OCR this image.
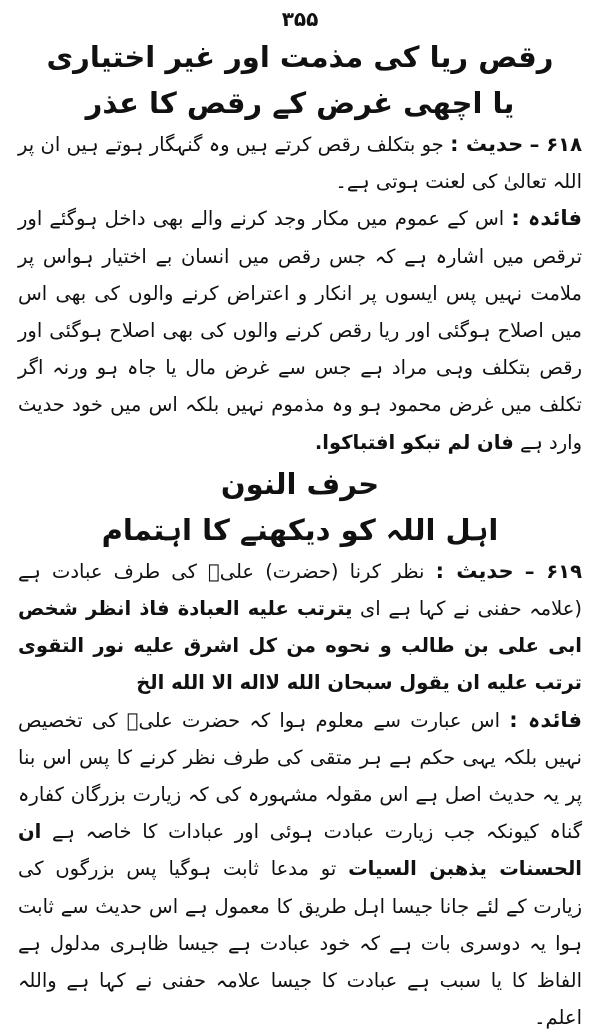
۳۵۵
رقص ریا کی مذمت اور غیر اختیاری
یا اچھی غرض کے رقص کا عذر

۶۱۸ – حدیث : جو بتکلف رقص کرتے ہیں وہ گنہگار ہوتے ہیں ان پر اللہ تعالیٰ کی لعنت ہوتی ہے۔

فائدہ : اس کے عموم میں مکار وجد کرنے والے بھی داخل ہوگئے اور ترقص میں اشارہ ہے کہ جس رقص میں انسان بے اختیار ہواس پر ملامت نہیں پس ایسوں پر انکار و اعتراض کرنے والوں کی بھی اس میں اصلاح ہوگئی اور ریا رقص کرنے والوں کی بھی اصلاح ہوگئی اور رقص بتکلف وہی مراد ہے جس سے غرض مال یا جاہ ہو ورنہ اگر تکلف میں غرض محمود ہو وہ مذموم نہیں بلکہ اس میں خود حدیث وارد ہے فان لم تبکو افتباکوا.

حرف النون
اہل اللہ کو دیکھنے کا اہتمام

۶۱۹ – حدیث : نظر کرنا (حضرت) علیؓ کی طرف عبادت ہے (علامہ حفنی نے کہا ہے ای یترتب علیه العبادة فاذ انظر شخص ابی علی بن طالب و نحوه من کل اشرق علیه نور التقوی ترتب علیه ان یقول سبحان الله لااله الا الله الخ

فائدہ : اس عبارت سے معلوم ہوا کہ حضرت علیؓ کی تخصیص نہیں بلکہ یہی حکم ہے ہر متقی کی طرف نظر کرنے کا پس اس بنا پر یہ حدیث اصل ہے اس مقولہ مشہورہ کی کہ زیارت بزرگان کفارہ گناہ کیونکہ جب زیارت عبادت ہوئی اور عبادات کا خاصہ ہے ان الحسنات یذھبن السیات تو مدعا ثابت ہوگیا پس بزرگوں کی زیارت کے لئے جانا جیسا اہل طریق کا معمول ہے اس حدیث سے ثابت ہوا یہ دوسری بات ہے کہ خود عبادت ہے جیسا ظاہری مدلول ہے الفاظ کا یا سبب ہے عبادت کا جیسا علامہ حفنی نے کہا ہے واللہ اعلم۔
